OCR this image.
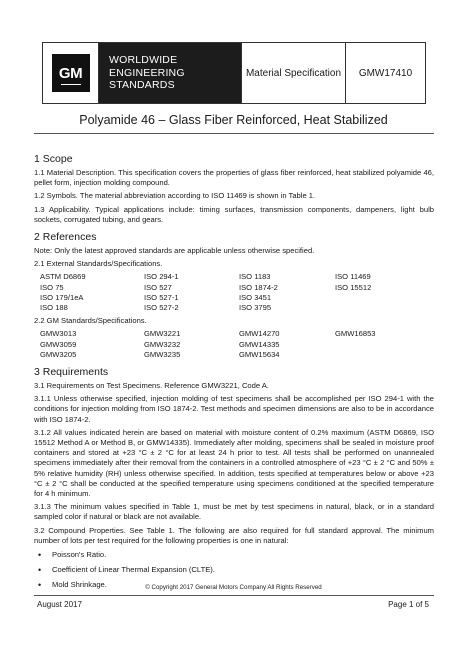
GM
WORLDWIDE
ENGINEERING
STANDARDS
Material Specification	GMW17410
Polyamide 46 – Glass Fiber Reinforced, Heat Stabilized
1 Scope

1.1 Material Description. This specification covers the properties of glass fiber reinforced, heat stabilized polyamide 46, pellet form, injection molding compound.

1.2 Symbols. The material abbreviation according to ISO 11469 is shown in Table 1.

1.3 Applicability. Typical applications include: timing surfaces, transmission components, dampeners, light bulb sockets, corrugated tubing, and gears.

2 References

Note: Only the latest approved standards are applicable unless otherwise specified.

2.1 External Standards/Specifications.

ASTM D6869	ISO 294-1	ISO 1183	ISO 11469
ISO 75	ISO 527	ISO 1874-2	ISO 15512
ISO 179/1eA	ISO 527-1	ISO 3451
ISO 188	ISO 527-2	ISO 3795

2.2 GM Standards/Specifications.

GMW3013	GMW3221	GMW14270	GMW16853
GMW3059	GMW3232	GMW14335
GMW3205	GMW3235	GMW15634
3 Requirements

3.1 Requirements on Test Specimens. Reference GMW3221, Code A.

3.1.1 Unless otherwise specified, injection molding of test specimens shall be accomplished per ISO 294-1 with the conditions for injection molding from ISO 1874-2. Test methods and specimen dimensions are also to be in accordance with ISO 1874-2.

3.1.2 All values indicated herein are based on material with moisture content of 0.2% maximum (ASTM D6869, ISO 15512 Method A or Method B, or GMW14335). Immediately after molding, specimens shall be sealed in moisture proof containers and stored at +23 °C ± 2 °C for at least 24 h prior to test. All tests shall be performed on unannealed specimens immediately after their removal from the containers in a controlled atmosphere of +23 °C ± 2 °C and 50% ± 5% relative humidity (RH) unless otherwise specified. In addition, tests specified at temperatures below or above +23 °C ± 2 °C shall be conducted at the specified temperature using specimens conditioned at the specified temperature for 4 h minimum.

3.1.3 The minimum values specified in Table 1, must be met by test specimens in natural, black, or in a standard sampled color if natural or black are not available.

3.2 Compound Properties. See Table 1. The following are also required for full standard approval. The minimum number of lots per test required for the following properties is one in natural:

• Poisson's Ratio.
• Coefficient of Linear Thermal Expansion (CLTE).
• Mold Shrinkage.	© Copyright 2017 General Motors Company All Rights Reserved
August 2017	Page 1 of 5
